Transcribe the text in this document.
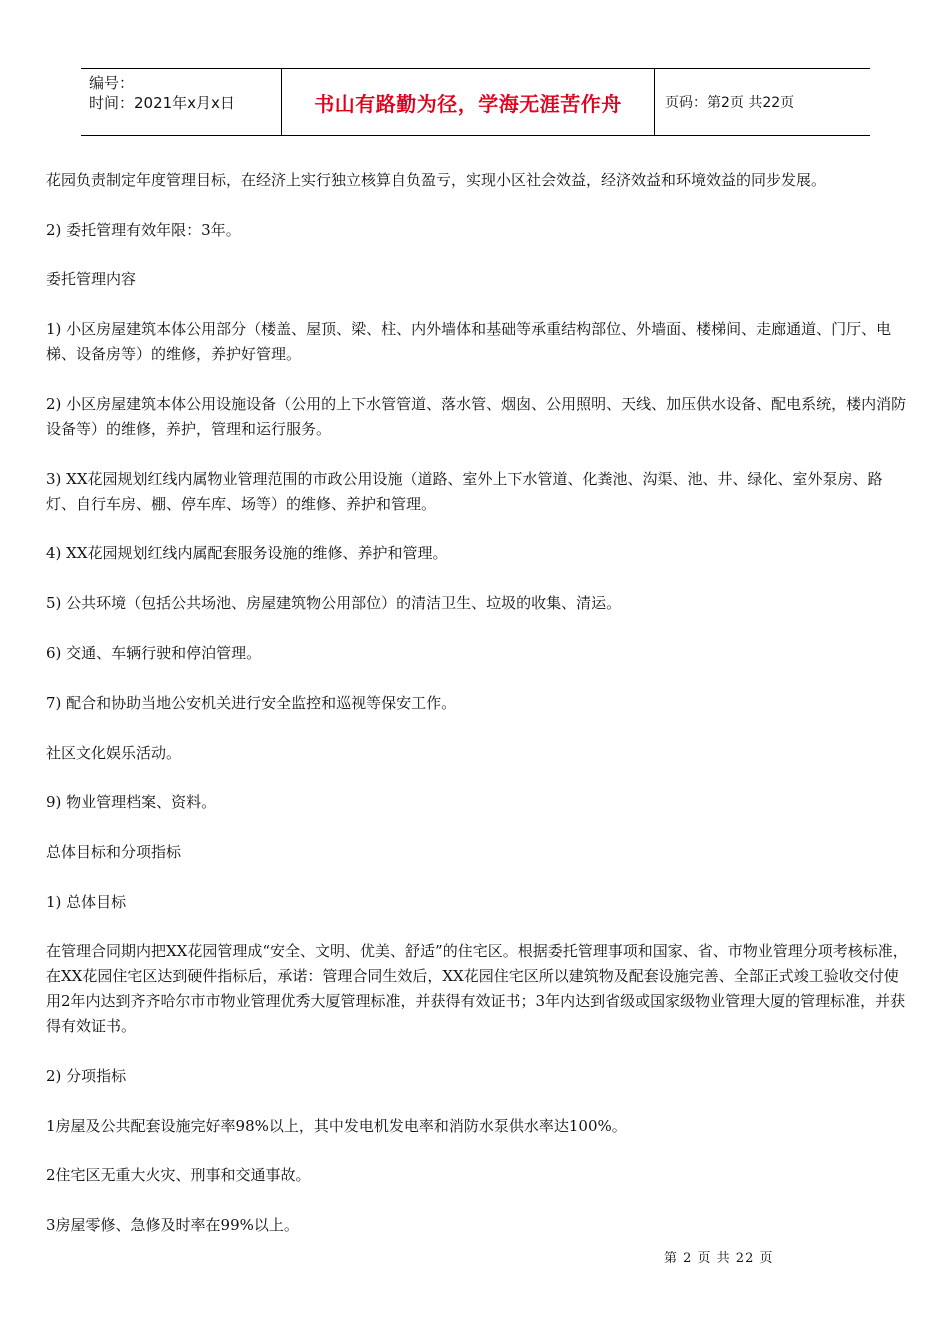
编号：
时间：2021年x月x日	书山有路勤为径，学海无涯苦作舟	页码：第2页 共22页

花园负责制定年度管理目标，在经济上实行独立核算自负盈亏，实现小区社会效益，经济效益和环境效益的同步发展。

2) 委托管理有效年限：3年。

委托管理内容

1) 小区房屋建筑本体公用部分（楼盖、屋顶、梁、柱、内外墙体和基础等承重结构部位、外墙面、楼梯间、走廊通道、门厅、电梯、设备房等）的维修，养护好管理。

2) 小区房屋建筑本体公用设施设备（公用的上下水管管道、落水管、烟囱、公用照明、天线、加压供水设备、配电系统，楼内消防设备等）的维修，养护，管理和运行服务。

3) XX花园规划红线内属物业管理范围的市政公用设施（道路、室外上下水管道、化粪池、沟渠、池、井、绿化、室外泵房、路灯、自行车房、棚、停车库、场等）的维修、养护和管理。

4) XX花园规划红线内属配套服务设施的维修、养护和管理。

5) 公共环境（包括公共场池、房屋建筑物公用部位）的清洁卫生、垃圾的收集、清运。

6) 交通、车辆行驶和停泊管理。

7) 配合和协助当地公安机关进行安全监控和巡视等保安工作。

社区文化娱乐活动。

9) 物业管理档案、资料。

总体目标和分项指标

1) 总体目标

在管理合同期内把XX花园管理成“安全、文明、优美、舒适”的住宅区。根据委托管理事项和国家、省、市物业管理分项考核标准，在XX花园住宅区达到硬件指标后，承诺：管理合同生效后，XX花园住宅区所以建筑物及配套设施完善、全部正式竣工验收交付使用2年内达到齐齐哈尔市市物业管理优秀大厦管理标准，并获得有效证书；3年内达到省级或国家级物业管理大厦的管理标准，并获得有效证书。

2) 分项指标

1房屋及公共配套设施完好率98%以上，其中发电机发电率和消防水泵供水率达100%。

2住宅区无重大火灾、刑事和交通事故。

3房屋零修、急修及时率在99%以上。

第 2 页 共 22 页
